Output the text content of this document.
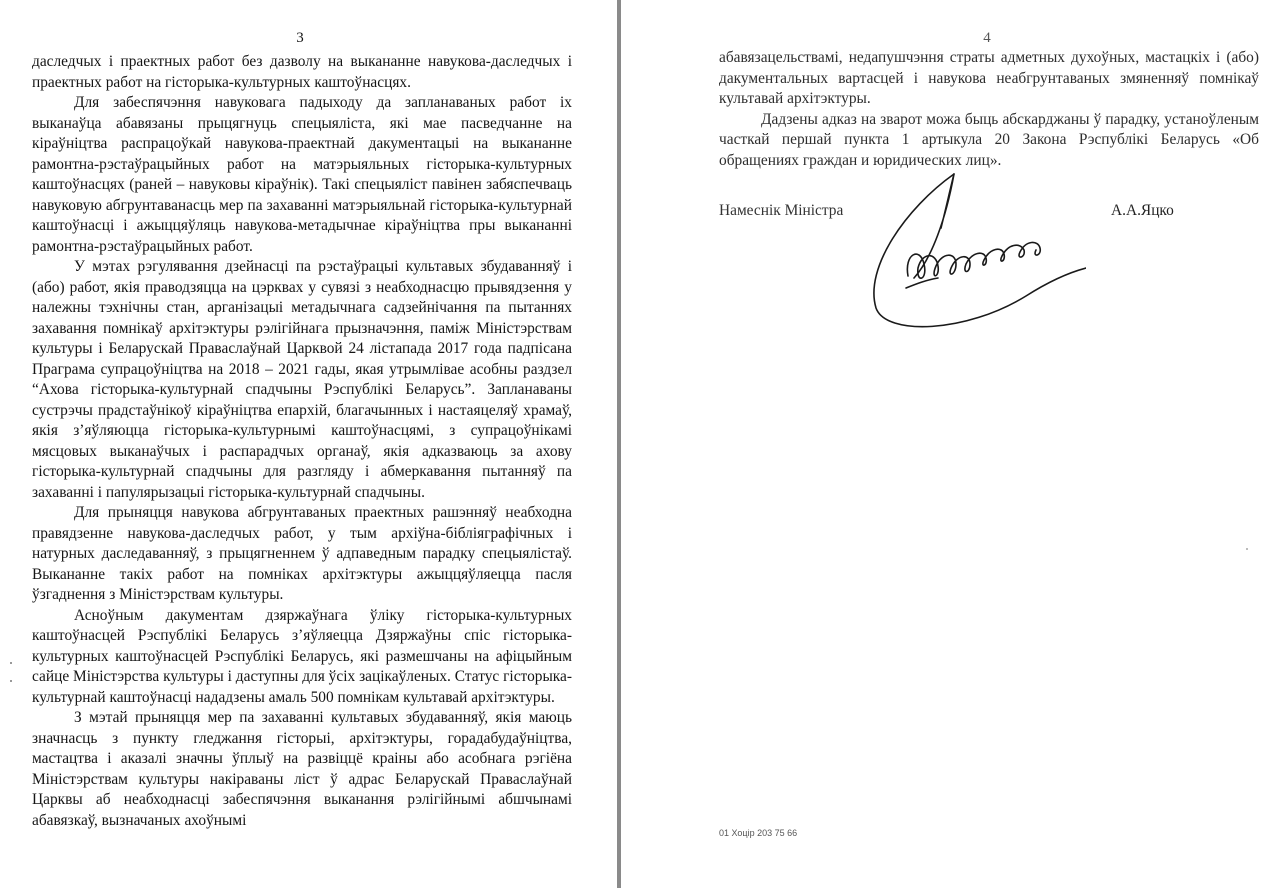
3

даследчых і праектных работ без дазволу на выкананне навукова-даследчых і праектных работ на гісторыка-культурных каштоўнасцях.

Для забеспячэння навуковага падыходу да запланаваных работ іх выканаўца абавязаны прыцягнуць спецыяліста, які мае пасведчанне на кіраўніцтва распрацоўкай навукова-праектнай дакументацыі на выкананне рамонтна-рэстаўрацыйных работ на матэрыяльных гісторыка-культурных каштоўнасцях (раней – навуковы кіраўнік). Такі спецыяліст павінен забяспечваць навуковую абгрунтаванасць мер па захаванні матэрыяльнай гісторыка-культурнай каштоўнасці і ажыццяўляць навукова-метадычнае кіраўніцтва пры выкананні рамонтна-рэстаўрацыйных работ.

У мэтах рэгулявання дзейнасці па рэстаўрацыі культавых збудаванняў і (або) работ, якія праводзяцца на цэрквах у сувязі з неабходнасцю прывядзення у належны тэхнічны стан, арганізацыі метадычнага садзейнічання па пытаннях захавання помнікаў архітэктуры рэлігійнага прызначэння, паміж Міністэрствам культуры і Беларускай Праваслаўнай Царквой 24 лістапада 2017 года падпісана Праграма супрацоўніцтва на 2018 – 2021 гады, якая утрымлівае асобны раздзел “Ахова гісторыка-культурнай спадчыны Рэспублікі Беларусь”. Запланаваны сустрэчы прадстаўнікоў кіраўніцтва епархій, благачынных і настаяцеляў храмаў, якія з’яўляюцца гісторыка-культурнымі каштоўнасцямі, з супрацоўнікамі мясцовых выканаўчых і распарадчых органаў, якія адказваюць за ахову гісторыка-культурнай спадчыны для разгляду і абмеркавання пытанняў па захаванні і папулярызацыі гісторыка-культурнай спадчыны.

Для прыняцця навукова абгрунтаваных праектных рашэнняў неабходна правядзенне навукова-даследчых работ, у тым архіўна-бібліяграфічных і натурных даследаванняў, з прыцягненнем ў адпаведным парадку спецыялістаў. Выкананне такіх работ на помніках архітэктуры ажыццяўляецца пасля ўзгаднення з Міністэрствам культуры.

Асноўным дакументам дзяржаўнага ўліку гісторыка-культурных каштоўнасцей Рэспублікі Беларусь з’яўляецца Дзяржаўны спіс гісторыка-культурных каштоўнасцей Рэспублікі Беларусь, які размешчаны на афіцыйным сайце Міністэрства культуры і даступны для ўсіх зацікаўленых. Статус гісторыка-культурнай каштоўнасці нададзены амаль 500 помнікам культавай архітэктуры.

З мэтай прыняцця мер па захаванні культавых збудаванняў, якія маюць значнасць з пункту гледжання гісторыі, архітэктуры, горадабудаўніцтва, мастацтва і аказалі значны ўплыў на развіццё краіны або асобнага рэгіёна Міністэрствам культуры накіраваны ліст ў адрас Беларускай Праваслаўнай Царквы аб неабходнасці забеспячэння выканання рэлігійнымі абшчынамі абавязкаў, вызначаных ахоўнымі

4

абавязацельствамі, недапушчэння страты адметных духоўных, мастацкіх і (або) дакументальных вартасцей і навукова неабгрунтаваных змяненняў помнікаў культавай архітэктуры.

Дадзены адказ на зварот можа быць абскарджаны ў парадку, устаноўленым часткай першай пункта 1 артыкула 20 Закона Рэспублікі Беларусь «Об обращениях граждан и юридических лиц».

Намеснік Міністра	А.А.Яцко
01 Хоцiр 203 75 66
